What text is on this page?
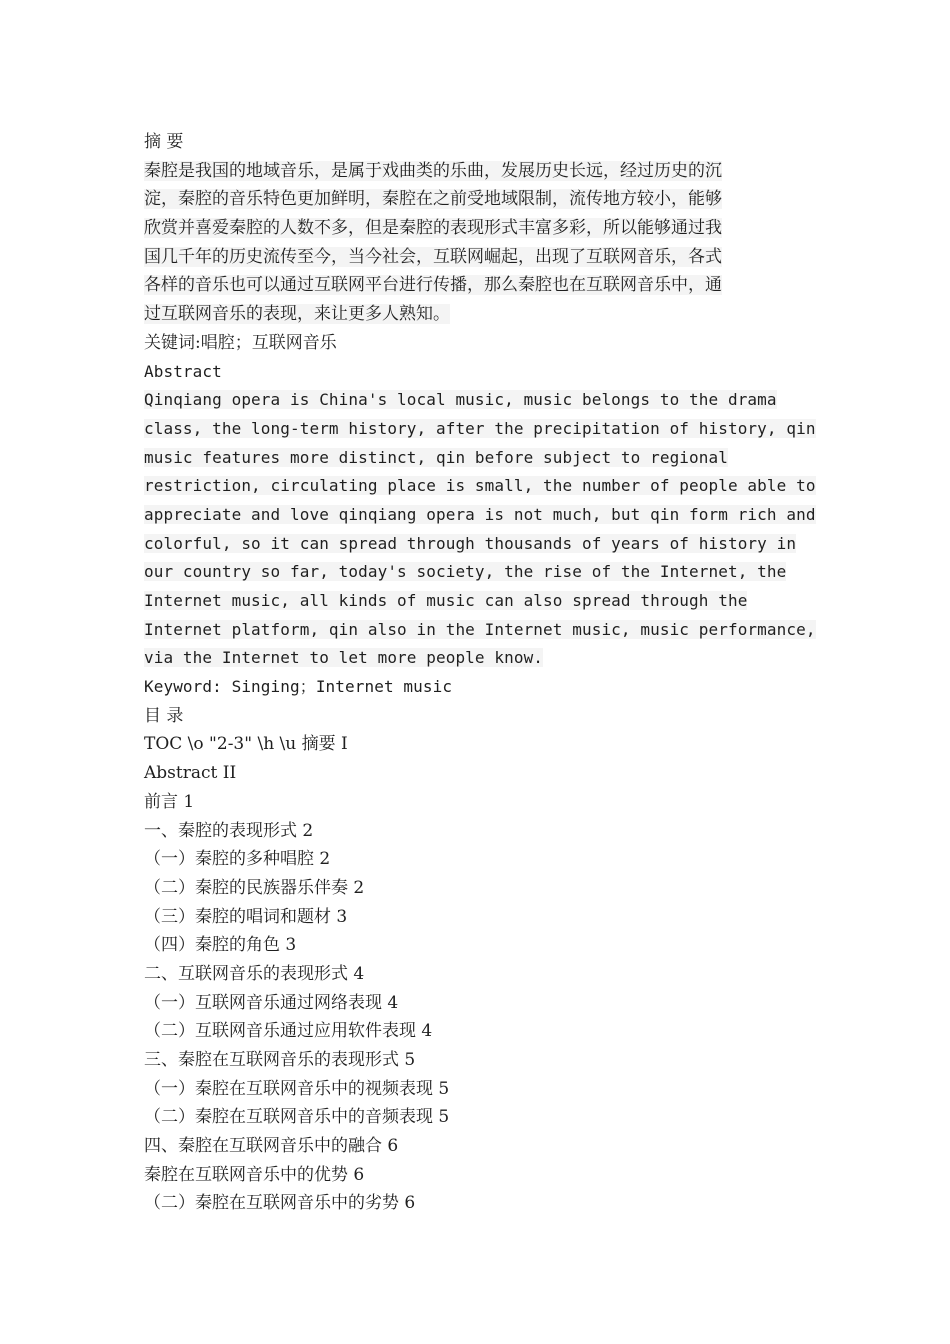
摘 要
秦腔是我国的地域音乐，是属于戏曲类的乐曲，发展历史长远，经过历史的沉
淀，秦腔的音乐特色更加鲜明，秦腔在之前受地域限制，流传地方较小，能够
欣赏并喜爱秦腔的人数不多，但是秦腔的表现形式丰富多彩，所以能够通过我
国几千年的历史流传至今，当今社会，互联网崛起，出现了互联网音乐，各式
各样的音乐也可以通过互联网平台进行传播，那么秦腔也在互联网音乐中，通
过互联网音乐的表现，来让更多人熟知。
关键词:唱腔；互联网音乐
Abstract
Qinqiang opera is China's local music, music belongs to the drama
class, the long-term history, after the precipitation of history, qin
music features more distinct, qin before subject to regional
restriction, circulating place is small, the number of people able to
appreciate and love qinqiang opera is not much, but qin form rich and
colorful, so it can spread through thousands of years of history in
our country so far, today's society, the rise of the Internet, the
Internet music, all kinds of music can also spread through the
Internet platform, qin also in the Internet music, music performance,
via the Internet to let more people know.
Keyword: Singing；Internet music
目 录
TOC \o "2-3" \h \u 摘要 I
Abstract II
前言 1
一、秦腔的表现形式 2
（一）秦腔的多种唱腔 2
（二）秦腔的民族器乐伴奏 2
（三）秦腔的唱词和题材 3
（四）秦腔的角色 3
二、互联网音乐的表现形式 4
（一）互联网音乐通过网络表现 4
（二）互联网音乐通过应用软件表现 4
三、秦腔在互联网音乐的表现形式 5
（一）秦腔在互联网音乐中的视频表现 5
（二）秦腔在互联网音乐中的音频表现 5
四、秦腔在互联网音乐中的融合 6
秦腔在互联网音乐中的优势 6
（二）秦腔在互联网音乐中的劣势 6
